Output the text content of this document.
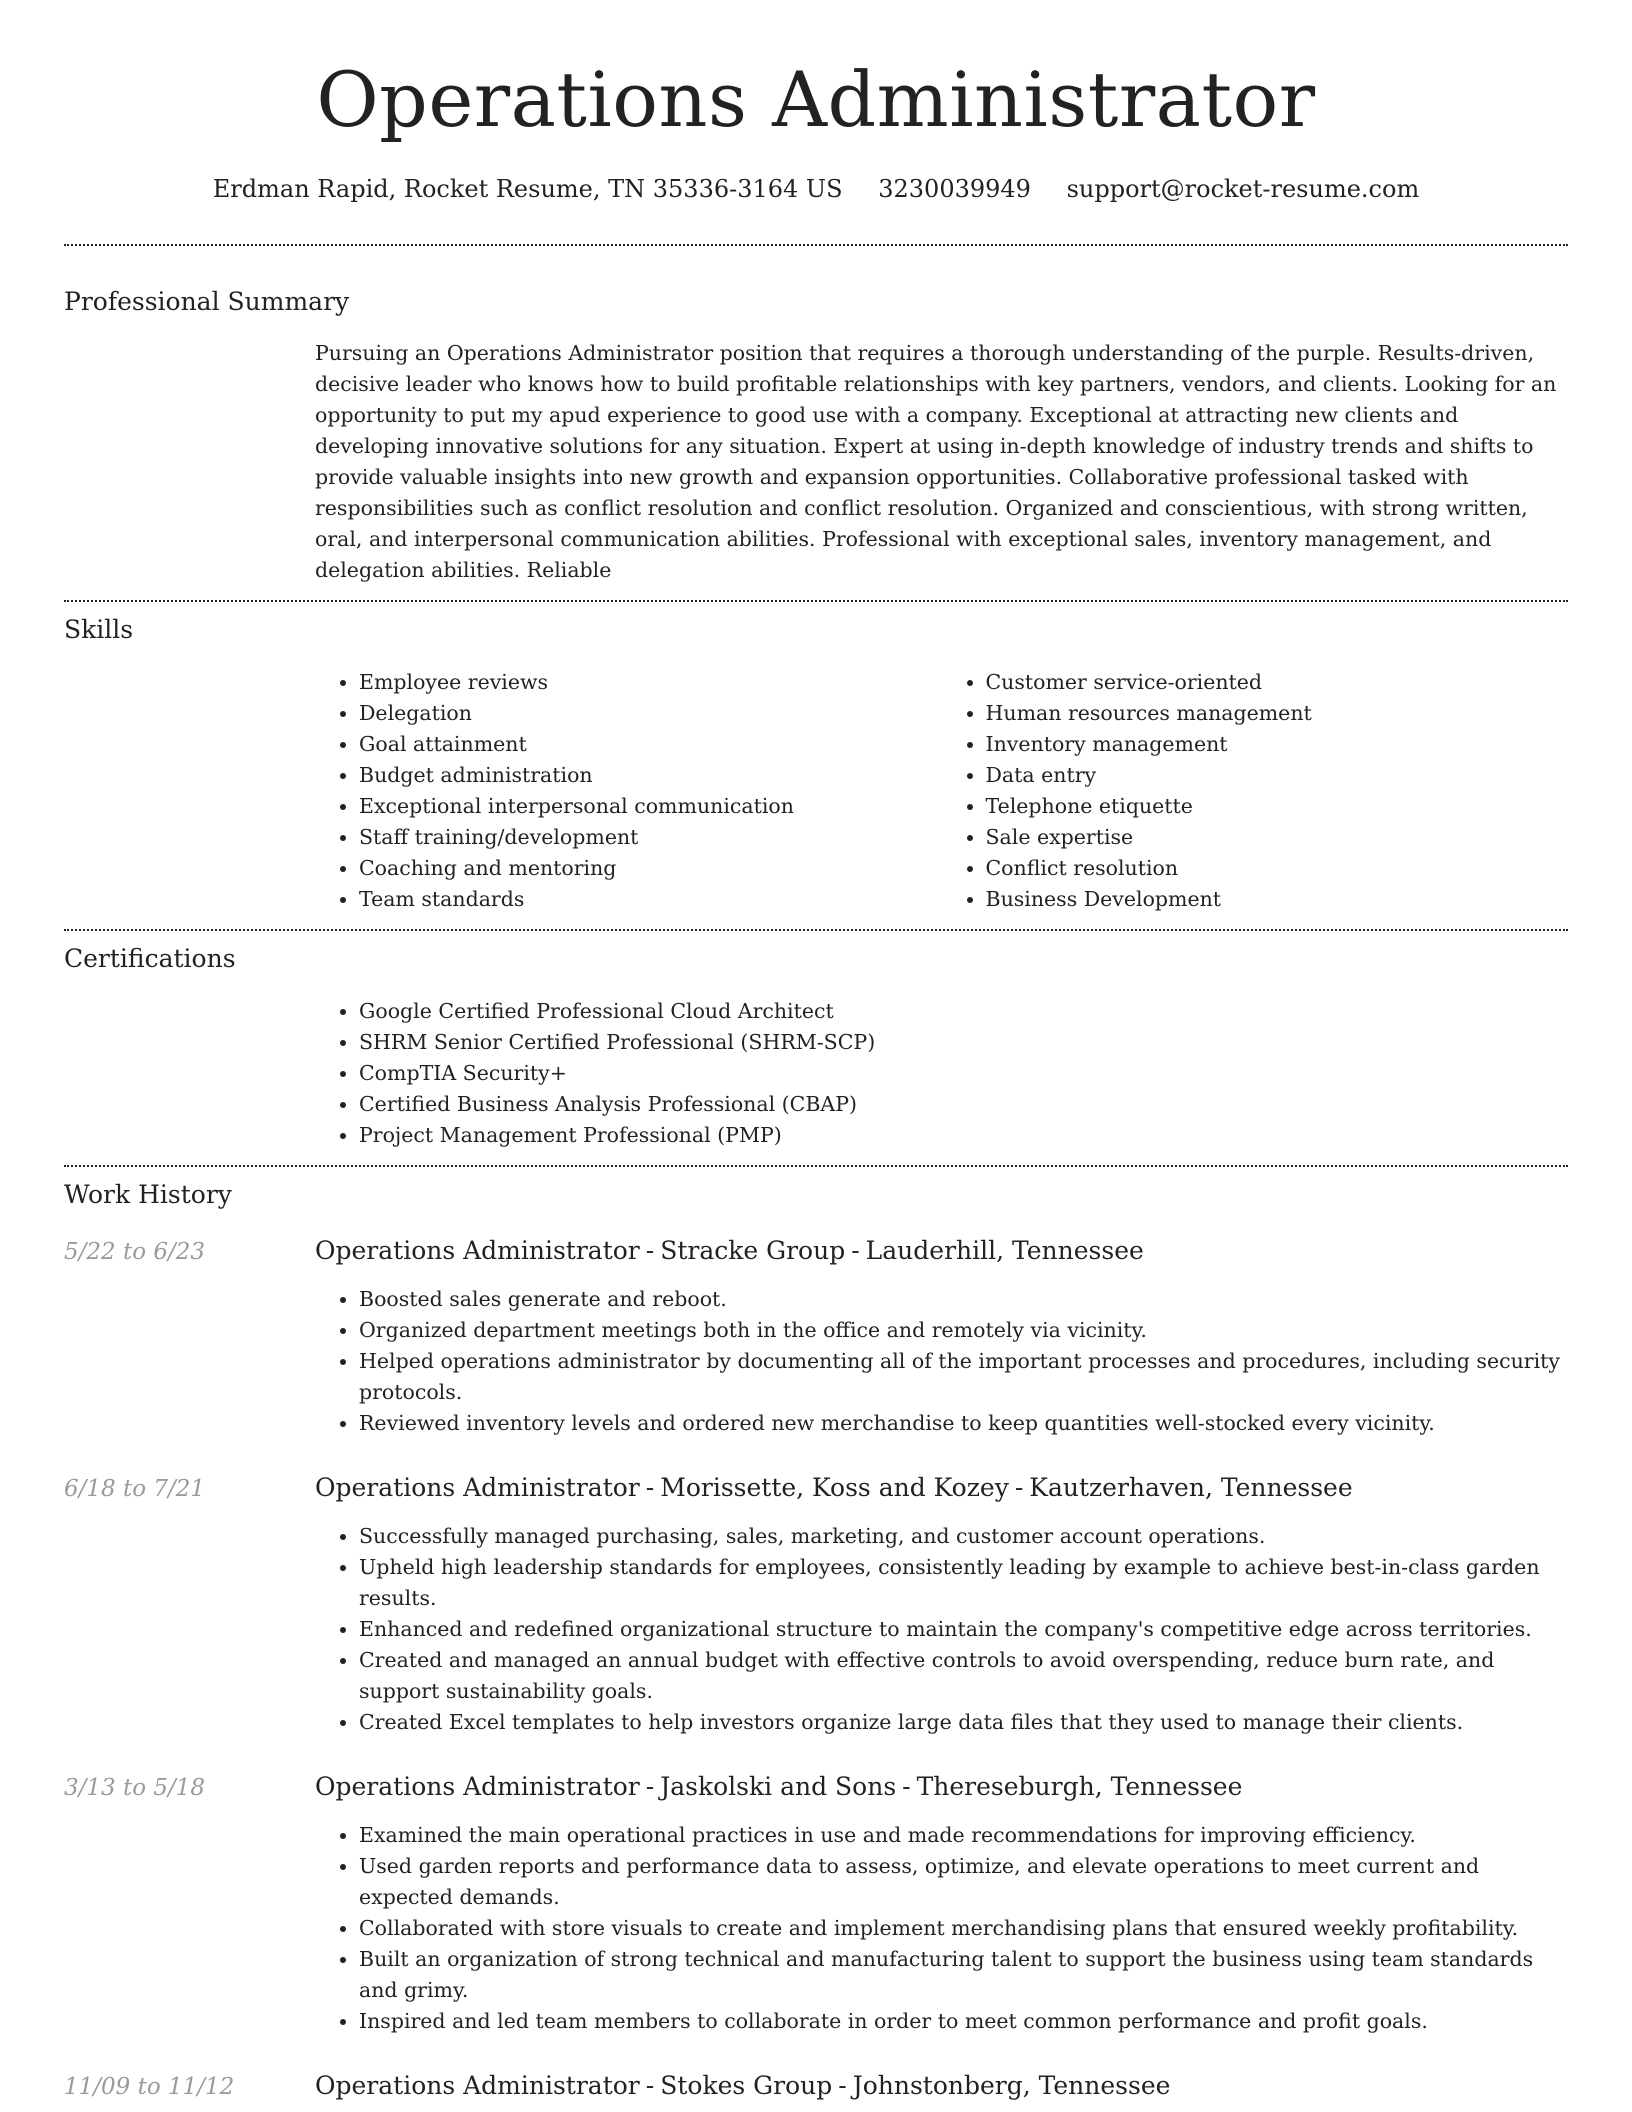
Operations Administrator
Erdman Rapid, Rocket Resume, TN 35336-3164 US 3230039949 support@rocket-resume.com
Professional Summary

Pursuing an Operations Administrator position that requires a thorough understanding of the purple. Results-driven, decisive leader who knows how to build profitable relationships with key partners, vendors, and clients. Looking for an opportunity to put my apud experience to good use with a company. Exceptional at attracting new clients and developing innovative solutions for any situation. Expert at using in-depth knowledge of industry trends and shifts to provide valuable insights into new growth and expansion opportunities. Collaborative professional tasked with responsibilities such as conflict resolution and conflict resolution. Organized and conscientious, with strong written, oral, and interpersonal communication abilities. Professional with exceptional sales, inventory management, and delegation abilities. Reliable

Skills
• Employee reviews
• Delegation
• Goal attainment
• Budget administration
• Exceptional interpersonal communication
• Staff training/development
• Coaching and mentoring
• Team standards
• Customer service-oriented
• Human resources management
• Inventory management
• Data entry
• Telephone etiquette
• Sale expertise
• Conflict resolution
• Business Development
Certifications
• Google Certified Professional Cloud Architect
• SHRM Senior Certified Professional (SHRM-SCP)
• CompTIA Security+
• Certified Business Analysis Professional (CBAP)
• Project Management Professional (PMP)
Work History
5/22 to 6/23	Operations Administrator - Stracke Group - Lauderhill, Tennessee
• Boosted sales generate and reboot.
• Organized department meetings both in the office and remotely via vicinity.
• Helped operations administrator by documenting all of the important processes and procedures, including security protocols.
• Reviewed inventory levels and ordered new merchandise to keep quantities well-stocked every vicinity.
6/18 to 7/21	Operations Administrator - Morissette, Koss and Kozey - Kautzerhaven, Tennessee
• Successfully managed purchasing, sales, marketing, and customer account operations.
• Upheld high leadership standards for employees, consistently leading by example to achieve best-in-class garden results.
• Enhanced and redefined organizational structure to maintain the company's competitive edge across territories.
• Created and managed an annual budget with effective controls to avoid overspending, reduce burn rate, and support sustainability goals.
• Created Excel templates to help investors organize large data files that they used to manage their clients.
3/13 to 5/18	Operations Administrator - Jaskolski and Sons - Thereseburgh, Tennessee
• Examined the main operational practices in use and made recommendations for improving efficiency.
• Used garden reports and performance data to assess, optimize, and elevate operations to meet current and expected demands.
• Collaborated with store visuals to create and implement merchandising plans that ensured weekly profitability.
• Built an organization of strong technical and manufacturing talent to support the business using team standards and grimy.
• Inspired and led team members to collaborate in order to meet common performance and profit goals.
11/09 to 11/12	Operations Administrator - Stokes Group - Johnstonberg, Tennessee
